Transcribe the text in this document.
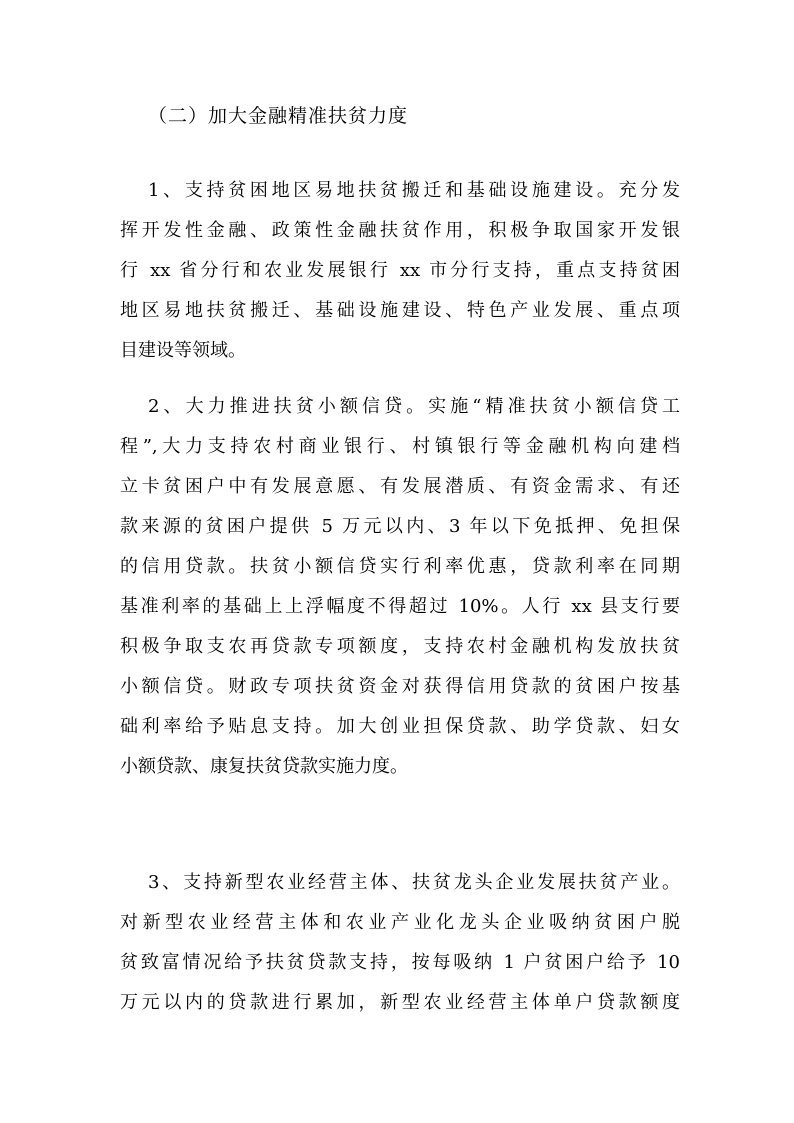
（二）加大金融精准扶贫力度
1、支持贫困地区易地扶贫搬迁和基础设施建设。充分发
挥开发性金融、政策性金融扶贫作用，积极争取国家开发银
行 xx 省分行和农业发展银行 xx 市分行支持，重点支持贫困
地区易地扶贫搬迁、基础设施建设、特色产业发展、重点项
目建设等领域。
2、大力推进扶贫小额信贷。实施“精准扶贫小额信贷工
程”,大力支持农村商业银行、村镇银行等金融机构向建档
立卡贫困户中有发展意愿、有发展潜质、有资金需求、有还
款来源的贫困户提供 5 万元以内、3 年以下免抵押、免担保
的信用贷款。扶贫小额信贷实行利率优惠，贷款利率在同期
基准利率的基础上上浮幅度不得超过 10%。人行 xx 县支行要
积极争取支农再贷款专项额度，支持农村金融机构发放扶贫
小额信贷。财政专项扶贫资金对获得信用贷款的贫困户按基
础利率给予贴息支持。加大创业担保贷款、助学贷款、妇女
小额贷款、康复扶贫贷款实施力度。
3、支持新型农业经营主体、扶贫龙头企业发展扶贫产业。
对新型农业经营主体和农业产业化龙头企业吸纳贫困户脱
贫致富情况给予扶贫贷款支持，按每吸纳 1 户贫困户给予 10
万元以内的贷款进行累加，新型农业经营主体单户贷款额度
